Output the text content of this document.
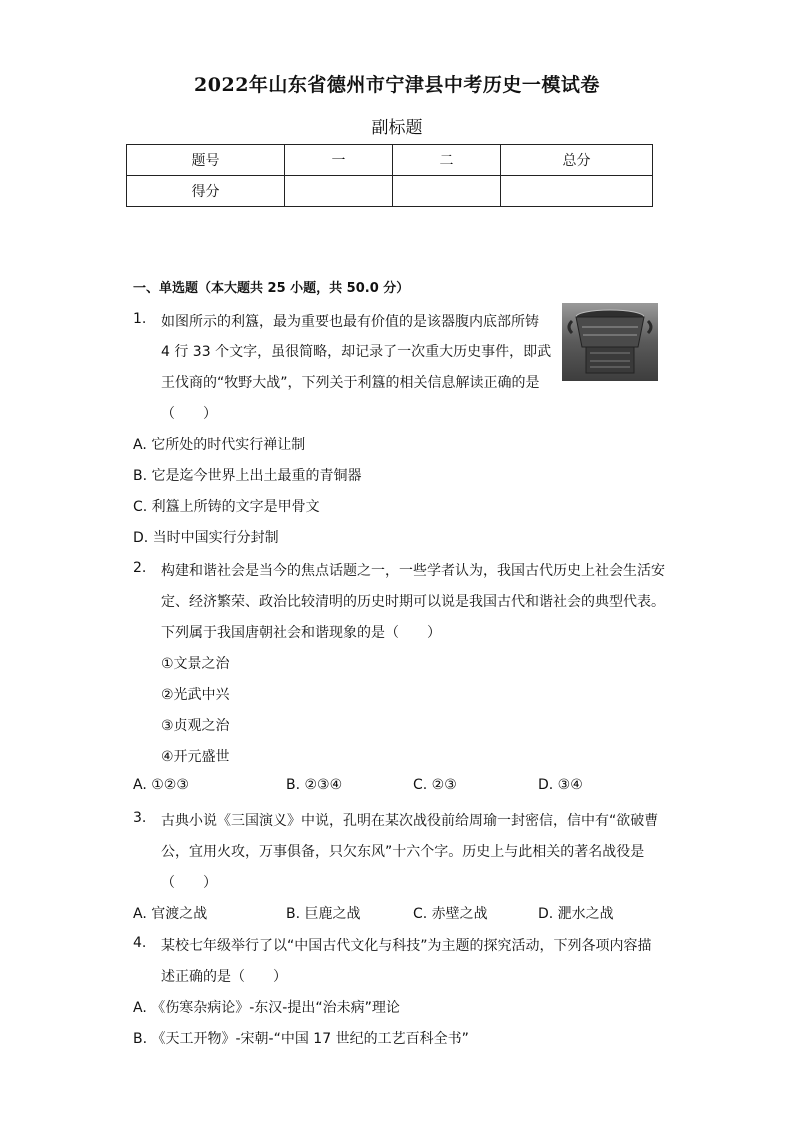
2022年山东省德州市宁津县中考历史一模试卷
副标题
题号	一	二	总分
得分			
一、单选题（本大题共 25 小题，共 50.0 分）
1. 如图所示的利簋，最为重要也最有价值的是该器腹内底部所铸
4 行 33 个文字，虽很简略，却记录了一次重大历史事件，即武
王伐商的“牧野大战”，下列关于利簋的相关信息解读正确的是
（　　）
A. 它所处的时代实行禅让制
B. 它是迄今世界上出土最重的青铜器
C. 利簋上所铸的文字是甲骨文
D. 当时中国实行分封制
2. 构建和谐社会是当今的焦点话题之一，一些学者认为，我国古代历史上社会生活安
定、经济繁荣、政治比较清明的历史时期可以说是我国古代和谐社会的典型代表。
下列属于我国唐朝社会和谐现象的是（　　）
①文景之治
②光武中兴
③贞观之治
④开元盛世
A. ①②③	B. ②③④	C. ②③	D. ③④
3. 古典小说《三国演义》中说，孔明在某次战役前给周瑜一封密信，信中有“欲破曹
公，宜用火攻，万事俱备，只欠东风”十六个字。历史上与此相关的著名战役是
（　　）
A. 官渡之战	B. 巨鹿之战	C. 赤壁之战	D. 淝水之战
4. 某校七年级举行了以“中国古代文化与科技”为主题的探究活动，下列各项内容描
述正确的是（　　）
A. 《伤寒杂病论》-东汉-提出“治未病”理论
B. 《天工开物》-宋朝-“中国 17 世纪的工艺百科全书”
